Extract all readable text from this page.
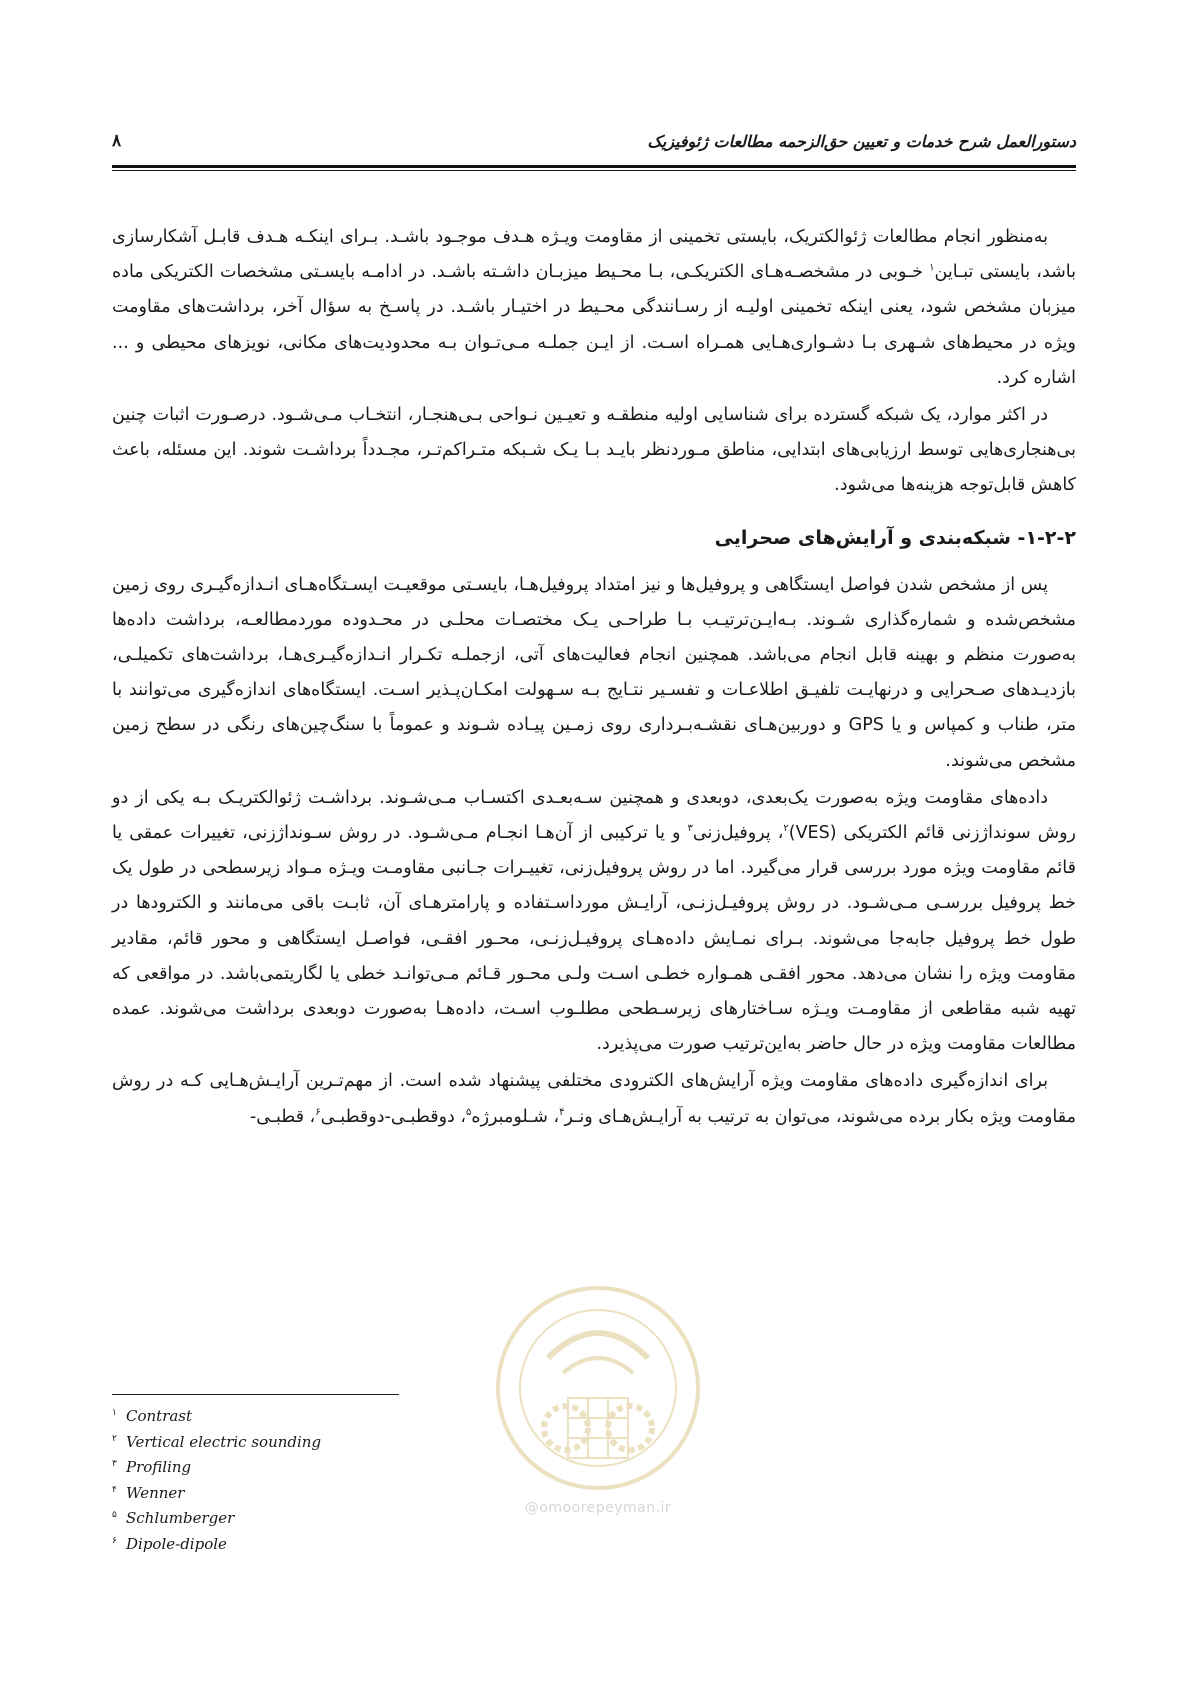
دستورالعمل شرح خدمات و تعیین حق‌الزحمه مطالعات ژئوفیزیک
۸

به‌منظور انجام مطالعات ژئوالکتریک، بایستی تخمینی از مقاومت ویـژه هـدف موجـود باشـد. بـرای اینکـه هـدف قابـل آشکارسازی باشد، بایستی تبـاین$^۱$ خـوبی در مشخصـه‌هـای الکتریکـی، بـا محـیط میزبـان داشـته باشـد. در ادامـه بایسـتی مشخصات الکتریکی ماده میزبان مشخص شود، یعنی اینکه تخمینی اولیـه از رسـانندگی محـیط در اختیـار باشـد. در پاسـخ به سؤال آخر، برداشت‌های مقاومت ویژه در محیط‌های شـهری بـا دشـواری‌هـایی همـراه اسـت. از ایـن جملـه مـی‌تـوان بـه محدودیت‌های مکانی، نویزهای محیطی و ... اشاره کرد.

در اکثر موارد، یک شبکه گسترده برای شناسایی اولیه منطقـه و تعیـین نـواحی بـی‌هنجـار، انتخـاب مـی‌شـود. درصـورت اثبات چنین بی‌هنجاری‌هایی توسط ارزیابی‌های ابتدایی، مناطق مـوردنظر بایـد بـا یـک شـبکه متـراکم‌تـر، مجـدداً برداشـت شوند. این مسئله، باعث کاهش قابل‌توجه هزینه‌ها می‌شود.

۱-۲-۲- شبکه‌بندی و آرایش‌های صحرایی

پس از مشخص شدن فواصل ایستگاهی و پروفیل‌ها و نیز امتداد پروفیل‌هـا، بایسـتی موقعیـت ایسـتگاه‌هـای انـدازه‌گیـری روی زمین مشخص‌شده و شماره‌گذاری شـوند. بـه‌ایـن‌ترتیـب بـا طراحـی یـک مختصـات محلـی در محـدوده موردمطالعـه، برداشت داده‌ها به‌صورت منظم و بهینه قابل انجام می‌باشد. همچنین انجام فعالیت‌های آتی، ازجملـه تکـرار انـدازه‌گیـری‌هـا، برداشت‌های تکمیلـی، بازدیـدهای صـحرایی و درنهایـت تلفیـق اطلاعـات و تفسـیر نتـایج بـه سـهولت امکـان‌پـذیر اسـت. ایستگاه‌های اندازه‌گیری می‌توانند با متر، طناب و کمپاس و یا GPS و دوربین‌هـای نقشـه‌بـرداری روی زمـین پیـاده شـوند و عموماً با سنگ‌چین‌های رنگی در سطح زمین مشخص می‌شوند.

داده‌های مقاومت ویژه به‌صورت یک‌بعدی، دوبعدی و همچنین سـه‌بعـدی اکتسـاب مـی‌شـوند. برداشـت ژئوالکتریـک بـه یکی از دو روش سونداژزنی قائم الکتریکی (VES)$^۲$، پروفیل‌زنی$^۳$ و یا ترکیبی از آن‌هـا انجـام مـی‌شـود. در روش سـونداژزنی، تغییرات عمقی یا قائم مقاومت ویژه مورد بررسی قرار می‌گیرد. اما در روش پروفیل‌زنی، تغییـرات جـانبی مقاومـت ویـژه مـواد زیرسطحی در طول یک خط پروفیل بررسـی مـی‌شـود. در روش پروفیـل‌زنـی، آرایـش مورداسـتفاده و پارامترهـای آن، ثابـت باقی می‌مانند و الکترودها در طول خط پروفیل جابه‌جا می‌شوند. بـرای نمـایش داده‌هـای پروفیـل‌زنـی، محـور افقـی، فواصـل ایستگاهی و محور قائم، مقادیر مقاومت ویژه را نشان می‌دهد. محور افقـی همـواره خطـی اسـت ولـی محـور قـائم مـی‌توانـد خطی یا لگاریتمی‌باشد. در مواقعی که تهیه شبه مقاطعی از مقاومـت ویـژه سـاختارهای زیرسـطحی مطلـوب اسـت، داده‌هـا به‌صورت دوبعدی برداشت می‌شوند. عمده مطالعات مقاومت ویژه در حال حاضر به‌این‌ترتیب صورت می‌پذیرد.

برای اندازه‌گیری داده‌های مقاومت ویژه آرایش‌های الکترودی مختلفی پیشنهاد شده است. از مهم‌تـرین آرایـش‌هـایی کـه در روش مقاومت ویژه بکار برده می‌شوند، می‌توان به ترتیب به آرایـش‌هـای ونـر$^۴$، شـلومبرژه$^۵$، دوقطبـی-دوقطبـی$^۶$، قطبـی-

@omoorepeyman.ir
۱ Contrast
۲ Vertical electric sounding
۳ Profiling
۴ Wenner
۵ Schlumberger
۶ Dipole-dipole
